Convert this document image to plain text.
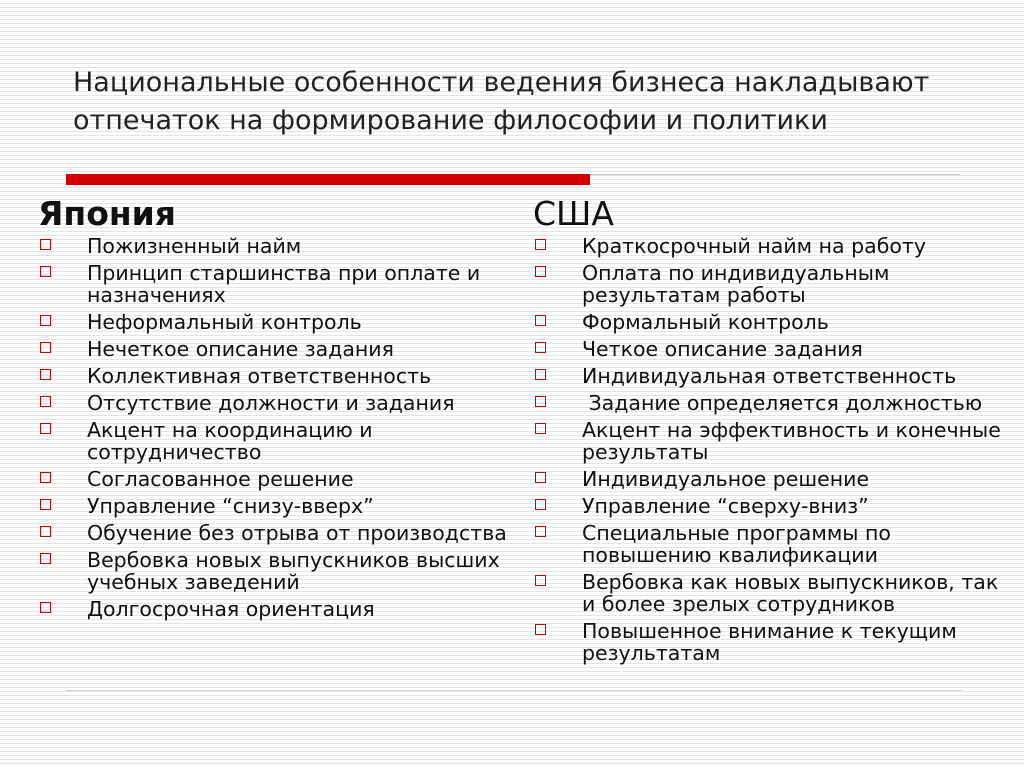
Национальные особенности ведения бизнеса накладывают отпечаток на формирование философии и политики
Япония
Пожизненный найм
Принцип старшинства при оплате и назначениях
Неформальный контроль
Нечеткое описание задания
Коллективная ответственность
Отсутствие должности и задания
Акцент на координацию и сотрудничество
Согласованное решение
Управление “снизу-вверх”
Обучение без отрыва от производства
Вербовка новых выпускников высших учебных заведений
Долгосрочная ориентация
США
Краткосрочный найм на работу
Оплата по индивидуальным результатам работы
Формальный контроль
Четкое описание задания
Индивидуальная ответственность
Задание определяется должностью
Акцент на эффективность и конечные результаты
Индивидуальное решение
Управление “сверху-вниз”
Специальные программы по повышению квалификации
Вербовка как новых выпускников, так и более зрелых сотрудников
Повышенное внимание к текущим результатам
